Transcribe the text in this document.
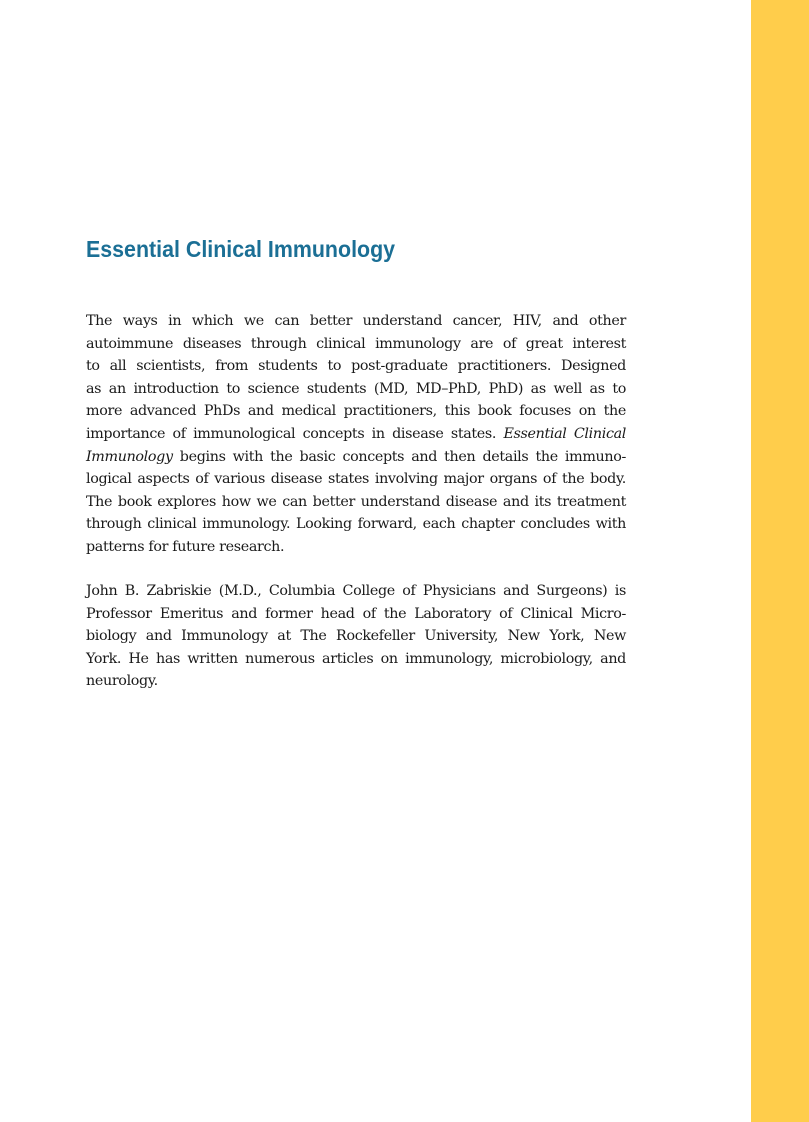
Essential Clinical Immunology
The ways in which we can better understand cancer, HIV, and other
autoimmune diseases through clinical immunology are of great interest
to all scientists, from students to post-graduate practitioners. Designed
as an introduction to science students (MD, MD–PhD, PhD) as well as to
more advanced PhDs and medical practitioners, this book focuses on the
importance of immunological concepts in disease states. Essential Clinical
Immunology begins with the basic concepts and then details the immuno-
logical aspects of various disease states involving major organs of the body.
The book explores how we can better understand disease and its treatment
through clinical immunology. Looking forward, each chapter concludes with
patterns for future research.
John B. Zabriskie (M.D., Columbia College of Physicians and Surgeons) is
Professor Emeritus and former head of the Laboratory of Clinical Micro-
biology and Immunology at The Rockefeller University, New York, New
York. He has written numerous articles on immunology, microbiology, and
neurology.
